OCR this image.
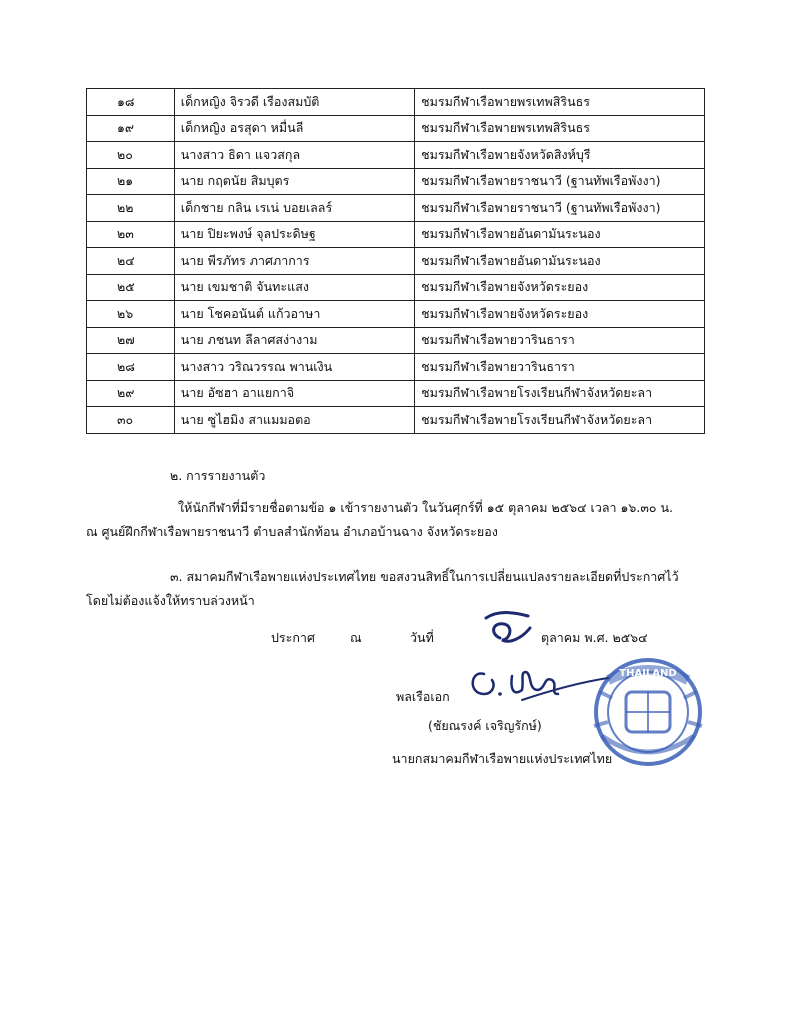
๑๘	เด็กหญิง จิรวดี เรืองสมบัติ	ชมรมกีฬาเรือพายพรเทพสิรินธร
๑๙	เด็กหญิง อรสุดา หมื่นลี	ชมรมกีฬาเรือพายพรเทพสิรินธร
๒๐	นางสาว ธิดา แจวสกุล	ชมรมกีฬาเรือพายจังหวัดสิงห์บุรี
๒๑	นาย กฤตนัย สิมบุตร	ชมรมกีฬาเรือพายราชนาวี (ฐานทัพเรือพังงา)
๒๒	เด็กชาย กลิน เรเน่ บอยเลลร์	ชมรมกีฬาเรือพายราชนาวี (ฐานทัพเรือพังงา)
๒๓	นาย ปิยะพงษ์ จุลประดิษฐ	ชมรมกีฬาเรือพายอันดามันระนอง
๒๔	นาย พีรภัทร ภาศภาการ	ชมรมกีฬาเรือพายอันดามันระนอง
๒๕	นาย เขมชาติ จันทะแสง	ชมรมกีฬาเรือพายจังหวัดระยอง
๒๖	นาย โชคอนันต์ แก้วอาษา	ชมรมกีฬาเรือพายจังหวัดระยอง
๒๗	นาย ภชนท ลีลาศสง่างาม	ชมรมกีฬาเรือพายวารินธารา
๒๘	นางสาว วริณวรรณ พานเงิน	ชมรมกีฬาเรือพายวารินธารา
๒๙	นาย อัซฮา อาแยกาจิ	ชมรมกีฬาเรือพายโรงเรียนกีฬาจังหวัดยะลา
๓๐	นาย ซูไฮมิง สาแมมอตอ	ชมรมกีฬาเรือพายโรงเรียนกีฬาจังหวัดยะลา
๒. การรายงานตัว
ให้นักกีฬาที่มีรายชื่อตามข้อ ๑ เข้ารายงานตัว ในวันศุกร์ที่ ๑๕ ตุลาคม ๒๕๖๔ เวลา ๑๖.๓๐ น.
ณ ศูนย์ฝึกกีฬาเรือพายราชนาวี ตำบลสำนักท้อน อำเภอบ้านฉาง จังหวัดระยอง
๓. สมาคมกีฬาเรือพายแห่งประเทศไทย ขอสงวนสิทธิ์ในการเปลี่ยนแปลงรายละเอียดที่ประกาศไว้
โดยไม่ต้องแจ้งให้ทราบล่วงหน้า
ประกาศ	ณ	วันที่	ตุลาคม พ.ศ. ๒๕๖๔
THAILAND
พลเรือเอก
(ชัยณรงค์ เจริญรักษ์)
นายกสมาคมกีฬาเรือพายแห่งประเทศไทย
